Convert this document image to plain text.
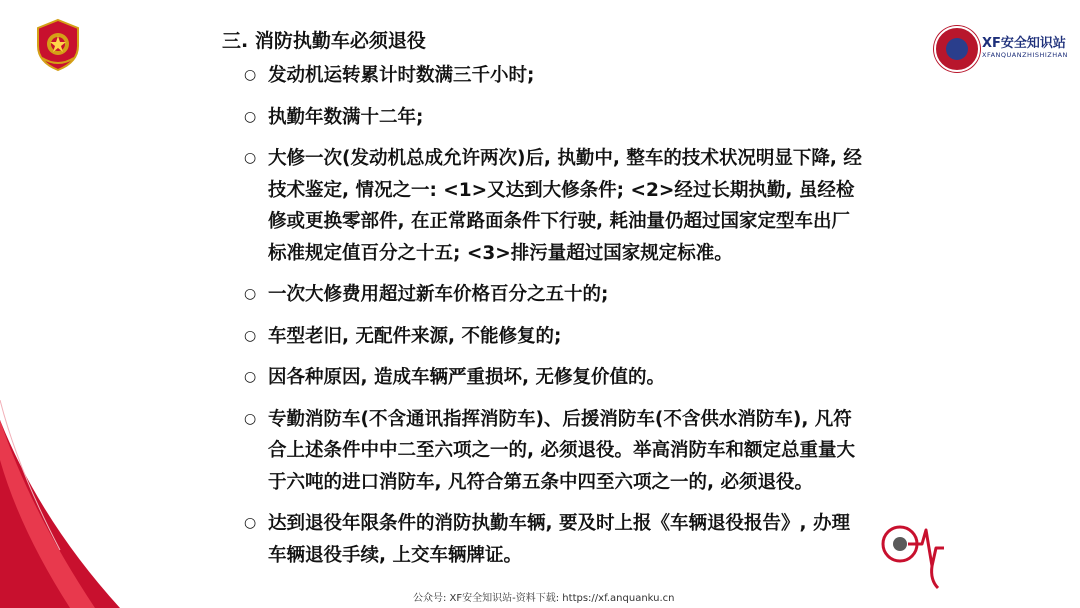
XF安全知识站
XFANQUANZHISHIZHAN
三. 消防执勤车必须退役
○ 发动机运转累计时数满三千小时;
○ 执勤年数满十二年;
○ 大修一次(发动机总成允许两次)后, 执勤中, 整车的技术状况明显下降, 经技术鉴定, 情况之一: <1>又达到大修条件; <2>经过长期执勤, 虽经检修或更换零部件, 在正常路面条件下行驶, 耗油量仍超过国家定型车出厂标准规定值百分之十五; <3>排污量超过国家规定标准。
○ 一次大修费用超过新车价格百分之五十的;
○ 车型老旧, 无配件来源, 不能修复的;
○ 因各种原因, 造成车辆严重损坏, 无修复价值的。
○ 专勤消防车(不含通讯指挥消防车)、后援消防车(不含供水消防车), 凡符合上述条件中中二至六项之一的, 必须退役。举高消防车和额定总重量大于六吨的进口消防车, 凡符合第五条中四至六项之一的, 必须退役。
○ 达到退役年限条件的消防执勤车辆, 要及时上报《车辆退役报告》, 办理车辆退役手续, 上交车辆牌证。
公众号: XF安全知识站-资料下载: https://xf.anquanku.cn
